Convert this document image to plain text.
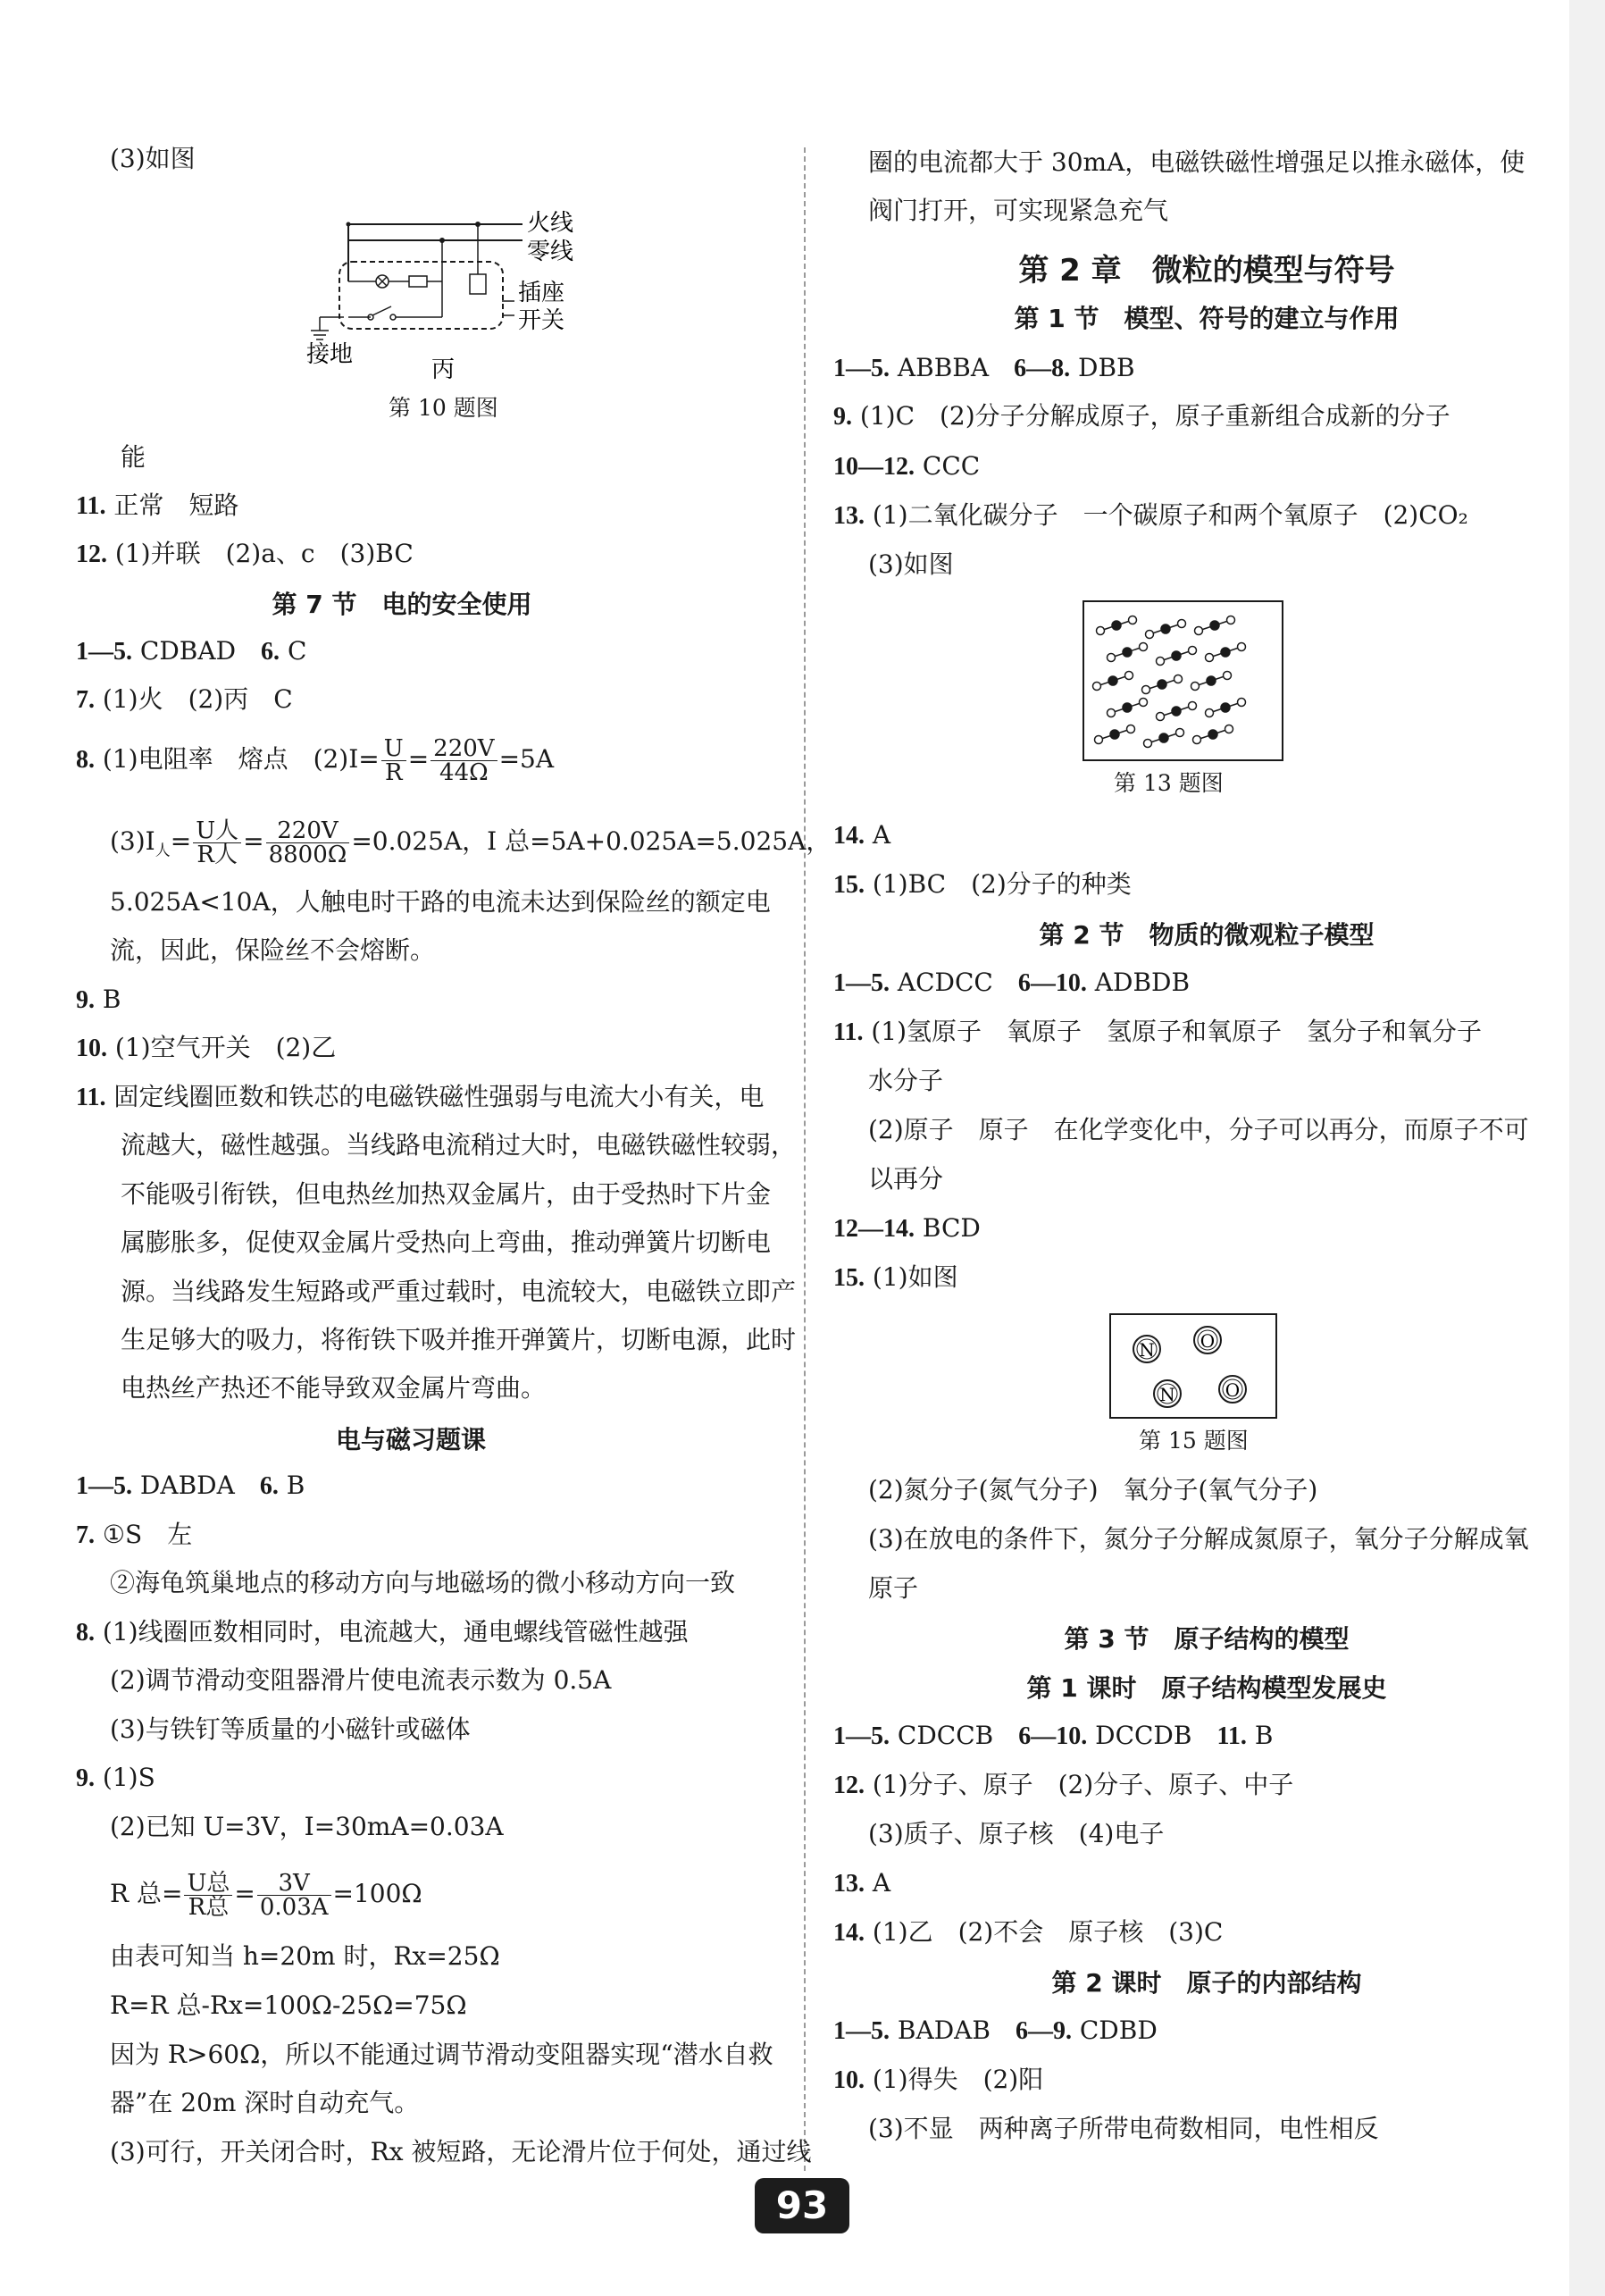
(3)如图
火线
零线
插座
开关
接地
丙
第 10 题图
能
11. 正常　短路
12. (1)并联　(2)a、c　(3)BC
第 7 节　电的安全使用
1—5. CDBAD　 6. C
7. (1)火　(2)丙　C
8. (1)电阻率　熔点　$(2)I= \frac{U}{R} = \frac{220V}{44\Omega} =5A$
$(3)I_人= \frac{\text{U人}}{\text{R人}} = \frac{220V}{8800\Omega} =0.025A$，I 总=5A+0.025A=5.025A，
5.025A<10A，人触电时干路的电流未达到保险丝的额定电
流，因此，保险丝不会熔断。
9. B
10. (1)空气开关　(2)乙
11. 固定线圈匝数和铁芯的电磁铁磁性强弱与电流大小有关，电
流越大，磁性越强。当线路电流稍过大时，电磁铁磁性较弱，
不能吸引衔铁，但电热丝加热双金属片，由于受热时下片金
属膨胀多，促使双金属片受热向上弯曲，推动弹簧片切断电
源。当线路发生短路或严重过载时，电流较大，电磁铁立即产
生足够大的吸力，将衔铁下吸并推开弹簧片，切断电源，此时
电热丝产热还不能导致双金属片弯曲。
电与磁习题课
1—5. DABDA　 6. B
7. ①S　左
②海龟筑巢地点的移动方向与地磁场的微小移动方向一致
8. (1)线圈匝数相同时，电流越大，通电螺线管磁性越强
(2)调节滑动变阻器滑片使电流表示数为 0.5A
(3)与铁钉等质量的小磁针或磁体
9. (1)S
(2)已知 U=3V，I=30mA=0.03A
R 总= $\frac{\text{U总}}{\text{R总}} = \frac{3V}{0.03A} =100\Omega$
由表可知当 h=20m 时，Rx=25Ω
R=R 总-Rx=100Ω-25Ω=75Ω
因为 R>60Ω，所以不能通过调节滑动变阻器实现“潜水自救
器”在 20m 深时自动充气。
(3)可行，开关闭合时，Rx 被短路，无论滑片位于何处，通过线
圈的电流都大于 30mA，电磁铁磁性增强足以推永磁体，使
阀门打开，可实现紧急充气
第 2 章　微粒的模型与符号
第 1 节　模型、符号的建立与作用
1—5. ABBBA　 6—8. DBB
9. (1)C　(2)分子分解成原子，原子重新组合成新的分子
10—12. CCC
13. (1)二氧化碳分子　一个碳原子和两个氧原子　(2)CO₂
(3)如图
第 13 题图
14. A
15. (1)BC　(2)分子的种类
第 2 节　物质的微观粒子模型
1—5. ACDCC　 6—10. ADBDB
11. (1)氢原子　氧原子　氢原子和氧原子　氢分子和氧分子
水分子
(2)原子　原子　在化学变化中，分子可以再分，而原子不可
以再分
12—14. BCD
15. (1)如图
N	O
N	O
第 15 题图
(2)氮分子(氮气分子)　氧分子(氧气分子)
(3)在放电的条件下，氮分子分解成氮原子，氧分子分解成氧
原子
第 3 节　原子结构的模型
第 1 课时　原子结构模型发展史
1—5. CDCCB　 6—10. DCCDB　 11. B
12. (1)分子、原子　(2)分子、原子、中子
(3)质子、原子核　(4)电子
13. A
14. (1)乙　(2)不会　原子核　(3)C
第 2 课时　原子的内部结构
1—5. BADAB　 6—9. CDBD
10. (1)得失　(2)阳
(3)不显　两种离子所带电荷数相同，电性相反
93
